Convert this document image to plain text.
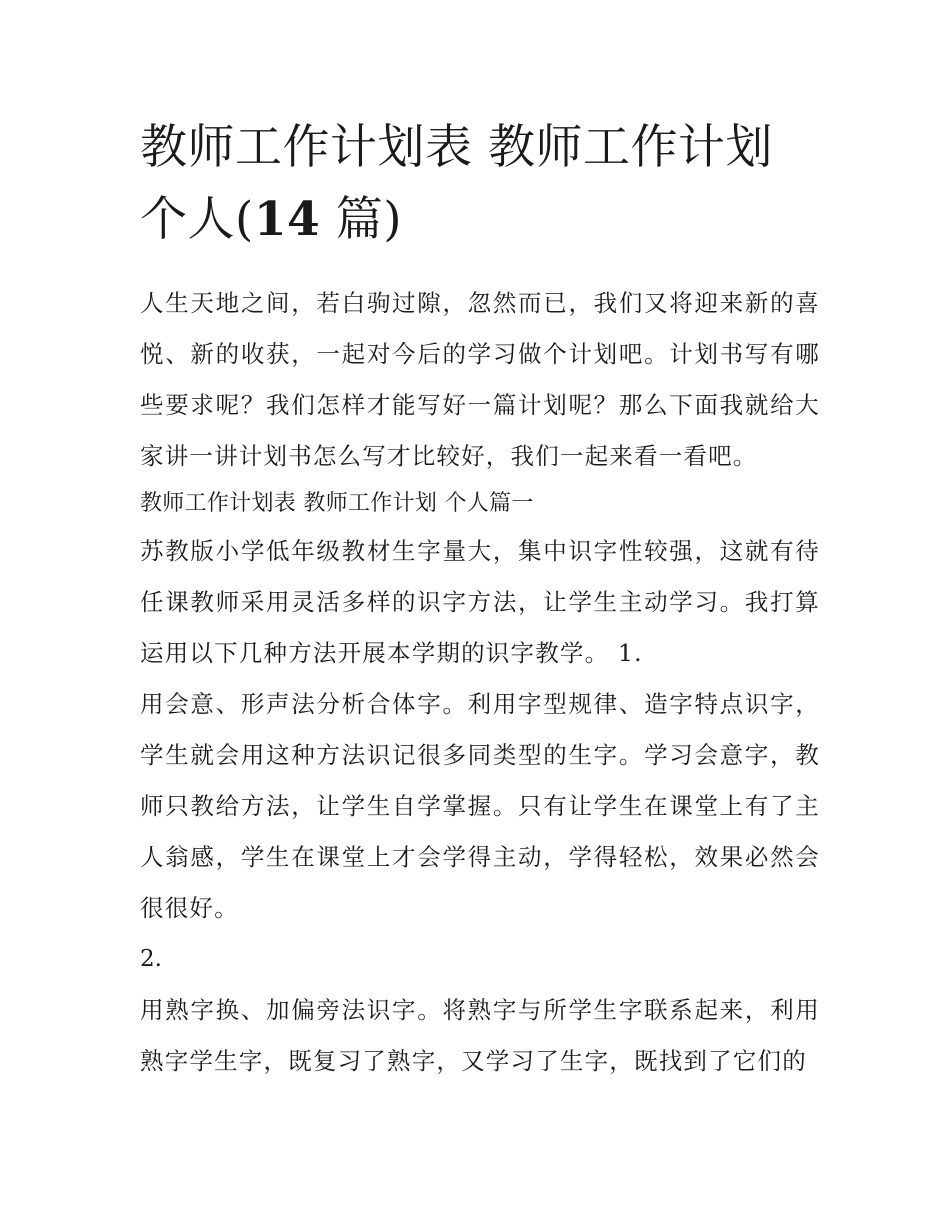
教师工作计划表 教师工作计划
个人(14 篇)

人生天地之间，若白驹过隙，忽然而已，我们又将迎来新的喜悦、新的收获，一起对今后的学习做个计划吧。计划书写有哪些要求呢？我们怎样才能写好一篇计划呢？那么下面我就给大家讲一讲计划书怎么写才比较好，我们一起来看一看吧。

教师工作计划表 教师工作计划 个人篇一

苏教版小学低年级教材生字量大，集中识字性较强，这就有待任课教师采用灵活多样的识字方法，让学生主动学习。我打算运用以下几种方法开展本学期的识字教学。 1.

用会意、形声法分析合体字。利用字型规律、造字特点识字，学生就会用这种方法识记很多同类型的生字。学习会意字，教师只教给方法，让学生自学掌握。只有让学生在课堂上有了主人翁感，学生在课堂上才会学得主动，学得轻松，效果必然会很很好。

2.

用熟字换、加偏旁法识字。将熟字与所学生字联系起来，利用熟字学生字，既复习了熟字，又学习了生字，既找到了它们的
